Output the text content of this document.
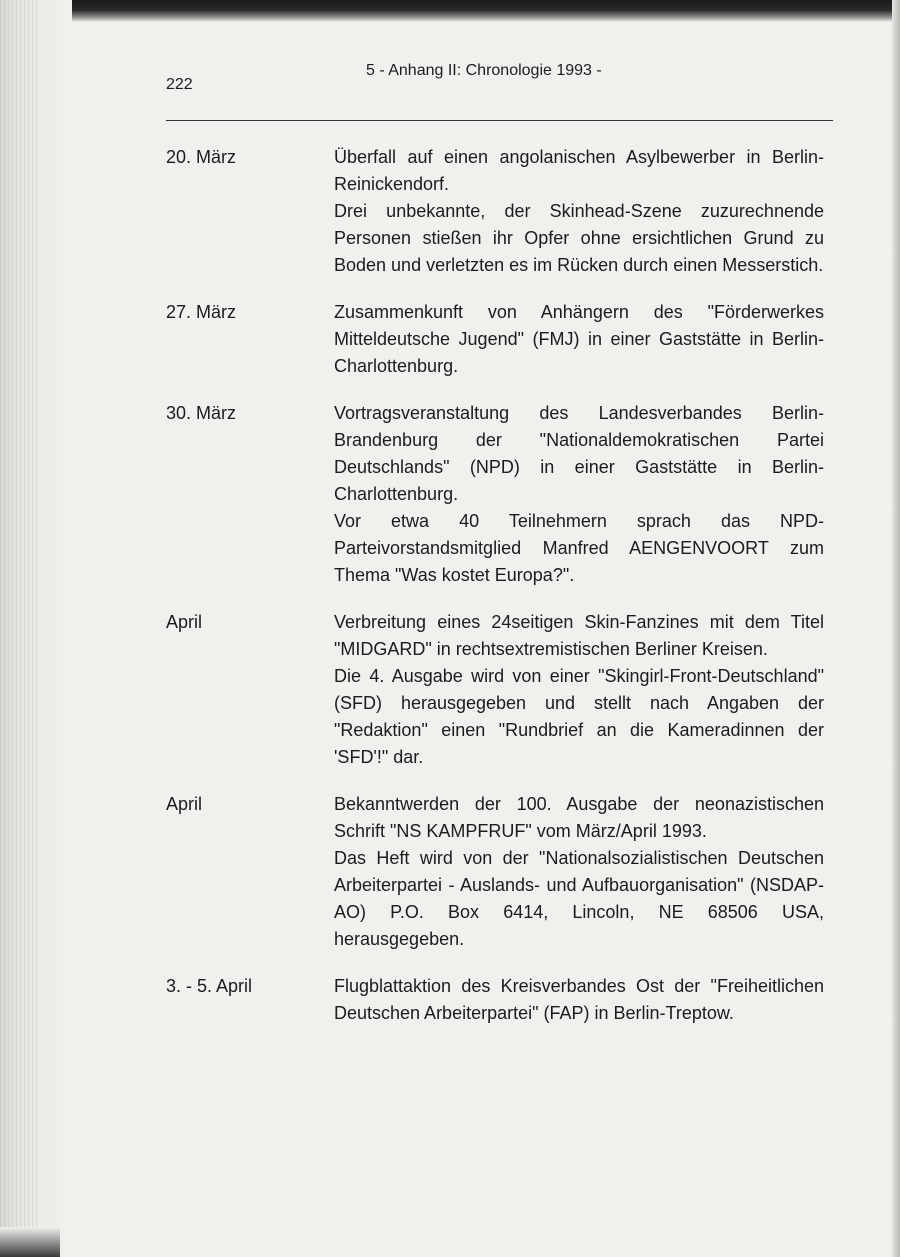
222
5 - Anhang II: Chronologie 1993 -
20. März	Überfall auf einen angolanischen Asylbewerber in Berlin-Reinickendorf.

Drei unbekannte, der Skinhead-Szene zuzurechnende Personen stießen ihr Opfer ohne ersichtlichen Grund zu Boden und verletzten es im Rücken durch einen Messerstich.

27. März	Zusammenkunft von Anhängern des "Förderwerkes Mitteldeutsche Jugend" (FMJ) in einer Gaststätte in Berlin-Charlottenburg.

30. März	Vortragsveranstaltung des Landesverbandes Berlin-Brandenburg der "Nationaldemokratischen Partei Deutschlands" (NPD) in einer Gaststätte in Berlin-Charlottenburg.

Vor etwa 40 Teilnehmern sprach das NPD-Parteivorstandsmitglied Manfred AENGENVOORT zum Thema "Was kostet Europa?".

April	Verbreitung eines 24seitigen Skin-Fanzines mit dem Titel "MIDGARD" in rechtsextremistischen Berliner Kreisen.

Die 4. Ausgabe wird von einer "Skingirl-Front-Deutschland" (SFD) herausgegeben und stellt nach Angaben der "Redaktion" einen "Rundbrief an die Kameradinnen der 'SFD'!" dar.

April	Bekanntwerden der 100. Ausgabe der neonazistischen Schrift "NS KAMPFRUF" vom März/April 1993.

Das Heft wird von der "Nationalsozialistischen Deutschen Arbeiterpartei - Auslands- und Aufbauorganisation" (NSDAP-AO) P.O. Box 6414, Lincoln, NE 68506 USA, herausgegeben.

3. - 5. April	Flugblattaktion des Kreisverbandes Ost der "Freiheitlichen Deutschen Arbeiterpartei" (FAP) in Berlin-Treptow.
